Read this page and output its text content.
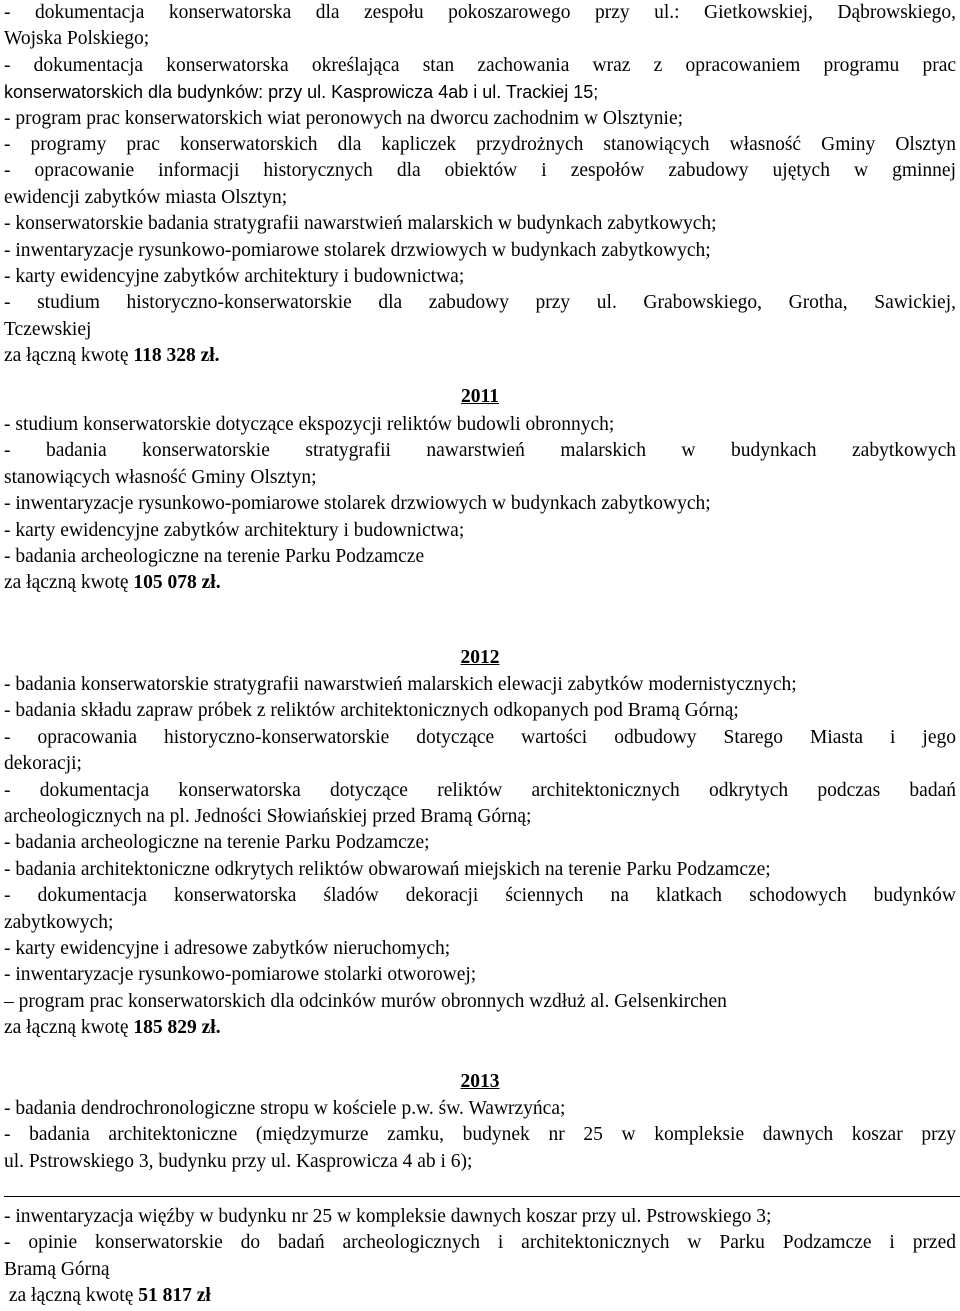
- dokumentacja konserwatorska dla zespołu pokoszarowego przy ul.: Gietkowskiej, Dąbrowskiego,
Wojska Polskiego;
- dokumentacja konserwatorska określająca stan zachowania wraz z opracowaniem programu prac
konserwatorskich dla budynków: przy ul. Kasprowicza 4ab i ul. Trackiej 15;
- program prac konserwatorskich wiat peronowych na dworcu zachodnim w Olsztynie;
- programy prac konserwatorskich dla kapliczek przydrożnych stanowiących własność Gminy Olsztyn
- opracowanie informacji historycznych dla obiektów i zespołów zabudowy ujętych w gminnej
ewidencji zabytków miasta Olsztyn;
- konserwatorskie badania stratygrafii nawarstwień malarskich w budynkach zabytkowych;
- inwentaryzacje rysunkowo-pomiarowe stolarek drzwiowych w budynkach zabytkowych;
- karty ewidencyjne zabytków architektury i budownictwa;
- studium historyczno-konserwatorskie dla zabudowy przy ul. Grabowskiego, Grotha, Sawickiej,
Tczewskiej
za łączną kwotę 118 328 zł.
2011
- studium konserwatorskie dotyczące ekspozycji reliktów budowli obronnych;
- badania konserwatorskie stratygrafii nawarstwień malarskich w budynkach zabytkowych
stanowiących własność Gminy Olsztyn;
- inwentaryzacje rysunkowo-pomiarowe stolarek drzwiowych w budynkach zabytkowych;
- karty ewidencyjne zabytków architektury i budownictwa;
- badania archeologiczne na terenie Parku Podzamcze
za łączną kwotę 105 078 zł.
2012
- badania konserwatorskie stratygrafii nawarstwień malarskich elewacji zabytków modernistycznych;
- badania składu zapraw próbek z reliktów architektonicznych odkopanych pod Bramą Górną;
- opracowania historyczno-konserwatorskie dotyczące wartości odbudowy Starego Miasta i jego
dekoracji;
- dokumentacja konserwatorska dotyczące reliktów architektonicznych odkrytych podczas badań
archeologicznych na pl. Jedności Słowiańskiej przed Bramą Górną;
- badania archeologiczne na terenie Parku Podzamcze;
- badania architektoniczne odkrytych reliktów obwarowań miejskich na terenie Parku Podzamcze;
- dokumentacja konserwatorska śladów dekoracji ściennych na klatkach schodowych budynków
zabytkowych;
- karty ewidencyjne i adresowe zabytków nieruchomych;
- inwentaryzacje rysunkowo-pomiarowe stolarki otworowej;
– program prac konserwatorskich dla odcinków murów obronnych wzdłuż al. Gelsenkirchen
za łączną kwotę 185 829 zł.
2013
- badania dendrochronologiczne stropu w kościele p.w. św. Wawrzyńca;
- badania architektoniczne (międzymurze zamku, budynek nr 25 w kompleksie dawnych koszar przy
ul. Pstrowskiego 3, budynku przy ul. Kasprowicza 4 ab i 6);
- inwentaryzacja więźby w budynku nr 25 w kompleksie dawnych koszar przy ul. Pstrowskiego 3;
- opinie konserwatorskie do badań archeologicznych i architektonicznych w Parku Podzamcze i przed
Bramą Górną
za łączną kwotę 51 817 zł
